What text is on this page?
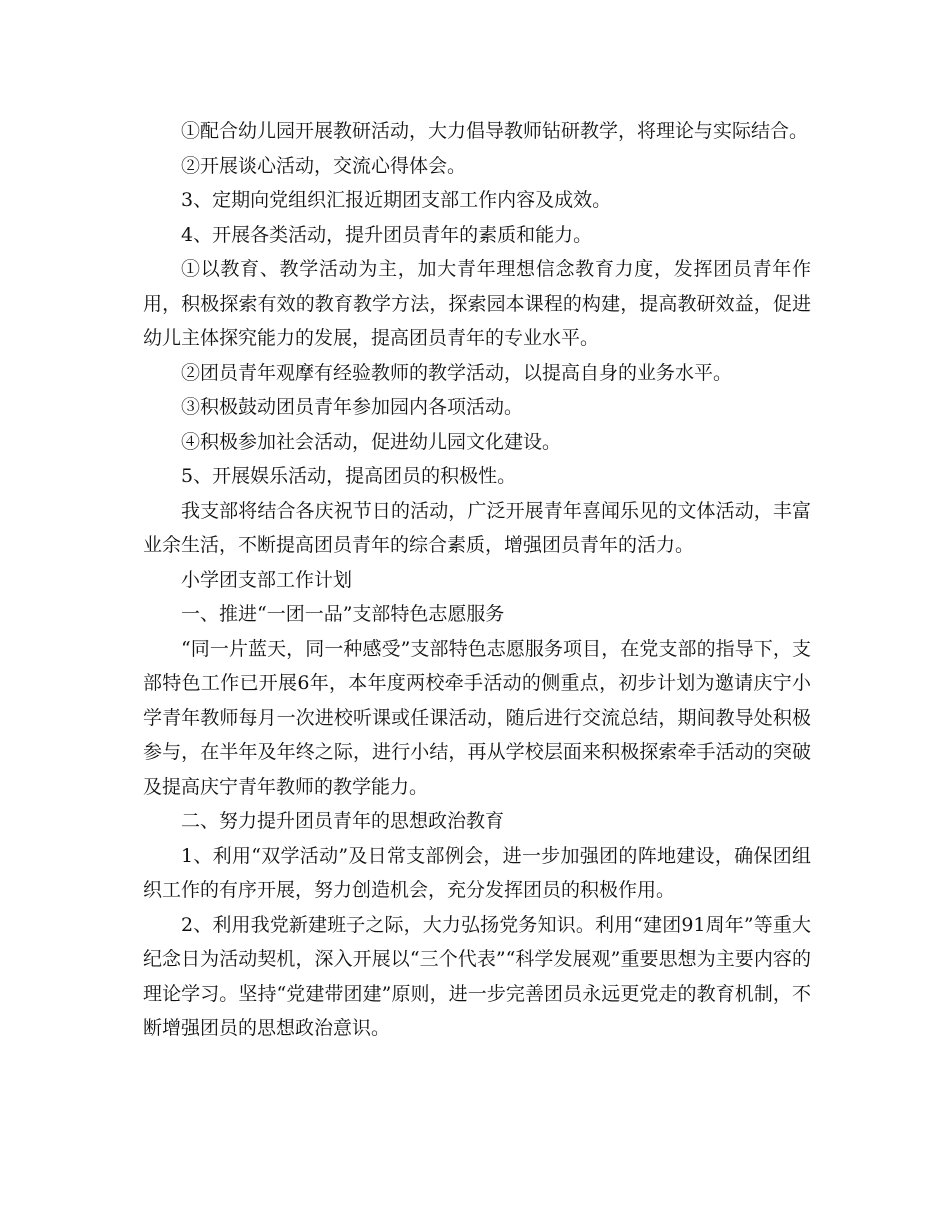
①配合幼儿园开展教研活动，大力倡导教师钻研教学，将理论与实际结合。

②开展谈心活动，交流心得体会。

3、定期向党组织汇报近期团支部工作内容及成效。

4、开展各类活动，提升团员青年的素质和能力。

①以教育、教学活动为主，加大青年理想信念教育力度，发挥团员青年作用，积极探索有效的教育教学方法，探索园本课程的构建，提高教研效益，促进幼儿主体探究能力的发展，提高团员青年的专业水平。

②团员青年观摩有经验教师的教学活动，以提高自身的业务水平。

③积极鼓动团员青年参加园内各项活动。

④积极参加社会活动，促进幼儿园文化建设。

5、开展娱乐活动，提高团员的积极性。

我支部将结合各庆祝节日的活动，广泛开展青年喜闻乐见的文体活动，丰富业余生活，不断提高团员青年的综合素质，增强团员青年的活力。

小学团支部工作计划

一、推进“一团一品”支部特色志愿服务

“同一片蓝天，同一种感受”支部特色志愿服务项目，在党支部的指导下，支部特色工作已开展6年，本年度两校牵手活动的侧重点，初步计划为邀请庆宁小学青年教师每月一次进校听课或任课活动，随后进行交流总结，期间教导处积极参与，在半年及年终之际，进行小结，再从学校层面来积极探索牵手活动的突破及提高庆宁青年教师的教学能力。

二、努力提升团员青年的思想政治教育

1、利用“双学活动”及日常支部例会，进一步加强团的阵地建设，确保团组织工作的有序开展，努力创造机会，充分发挥团员的积极作用。

2、利用我党新建班子之际，大力弘扬党务知识。利用“建团91周年”等重大纪念日为活动契机，深入开展以“三个代表”“科学发展观”重要思想为主要内容的理论学习。坚持“党建带团建”原则，进一步完善团员永远更党走的教育机制，不断增强团员的思想政治意识。
